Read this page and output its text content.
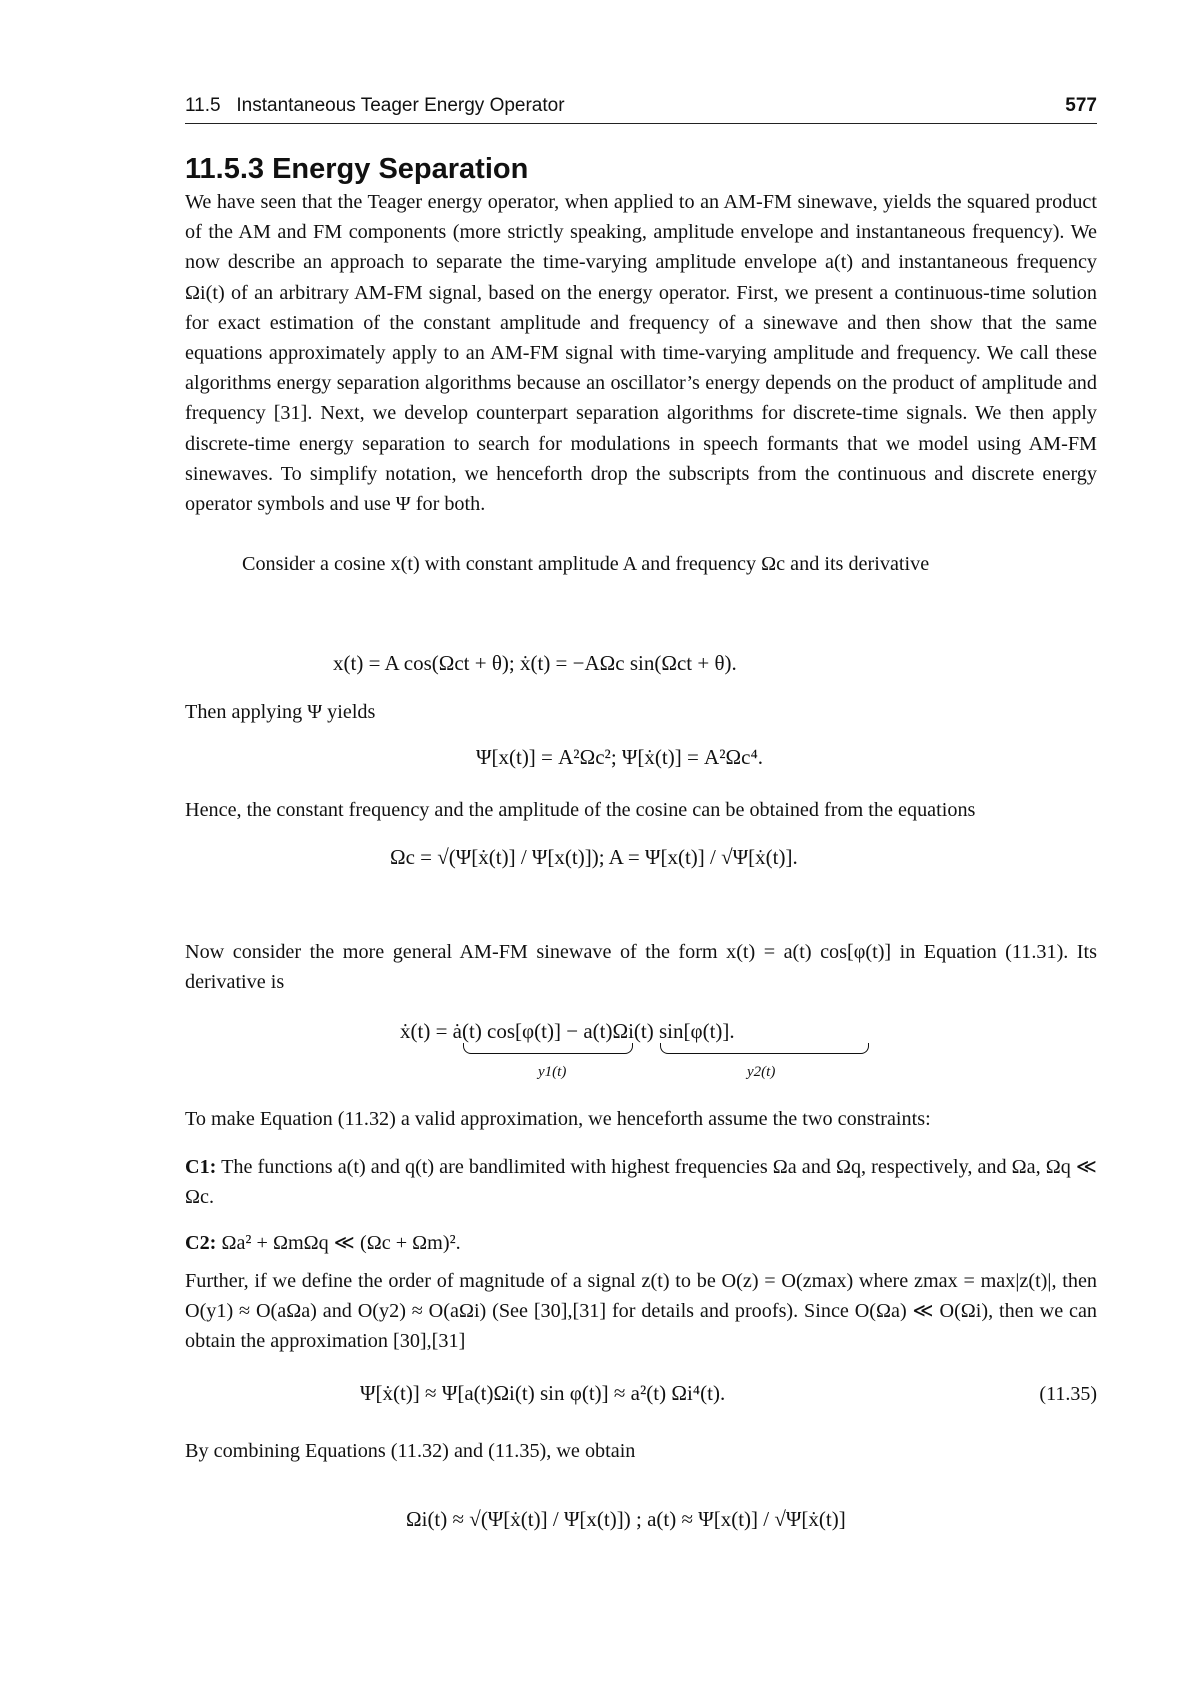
11.5   Instantaneous Teager Energy Operator	577
11.5.3 Energy Separation
We have seen that the Teager energy operator, when applied to an AM-FM sinewave, yields the squared product of the AM and FM components (more strictly speaking, amplitude envelope and instantaneous frequency). We now describe an approach to separate the time-varying amplitude envelope a(t) and instantaneous frequency Ωi(t) of an arbitrary AM-FM signal, based on the energy operator. First, we present a continuous-time solution for exact estimation of the constant amplitude and frequency of a sinewave and then show that the same equations approximately apply to an AM-FM signal with time-varying amplitude and frequency. We call these algorithms energy separation algorithms because an oscillator’s energy depends on the product of amplitude and frequency [31]. Next, we develop counterpart separation algorithms for discrete-time signals. We then apply discrete-time energy separation to search for modulations in speech formants that we model using AM-FM sinewaves. To simplify notation, we henceforth drop the subscripts from the continuous and discrete energy operator symbols and use Ψ for both.
Consider a cosine x(t) with constant amplitude A and frequency Ωc and its derivative
x(t) = A cos(Ωct + θ); ẋ(t) = −AΩc sin(Ωct + θ).
Then applying Ψ yields
Ψ[x(t)] = A²Ωc²; Ψ[ẋ(t)] = A²Ωc⁴.
Hence, the constant frequency and the amplitude of the cosine can be obtained from the equations
Ωc = √(Ψ[ẋ(t)] / Ψ[x(t)]); A = Ψ[x(t)] / √Ψ[ẋ(t)].
Now consider the more general AM-FM sinewave of the form x(t) = a(t) cos[φ(t)] in Equation (11.31). Its derivative is
ẋ(t) = ȧ(t) cos[φ(t)] − a(t)Ωi(t) sin[φ(t)].
y1(t)	y2(t)
To make Equation (11.32) a valid approximation, we henceforth assume the two constraints:
C1: The functions a(t) and q(t) are bandlimited with highest frequencies Ωa and Ωq, respectively, and Ωa, Ωq ≪ Ωc.
C2: Ωa² + ΩmΩq ≪ (Ωc + Ωm)².
Further, if we define the order of magnitude of a signal z(t) to be O(z) = O(zmax) where zmax = max|z(t)|, then O(y1) ≈ O(aΩa) and O(y2) ≈ O(aΩi) (See [30],[31] for details and proofs). Since O(Ωa) ≪ O(Ωi), then we can obtain the approximation [30],[31]
Ψ[ẋ(t)] ≈ Ψ[a(t)Ωi(t) sin φ(t)] ≈ a²(t) Ωi⁴(t).	(11.35)
By combining Equations (11.32) and (11.35), we obtain
Ωi(t) ≈ √(Ψ[ẋ(t)] / Ψ[x(t)]) ; a(t) ≈ Ψ[x(t)] / √Ψ[ẋ(t)]
